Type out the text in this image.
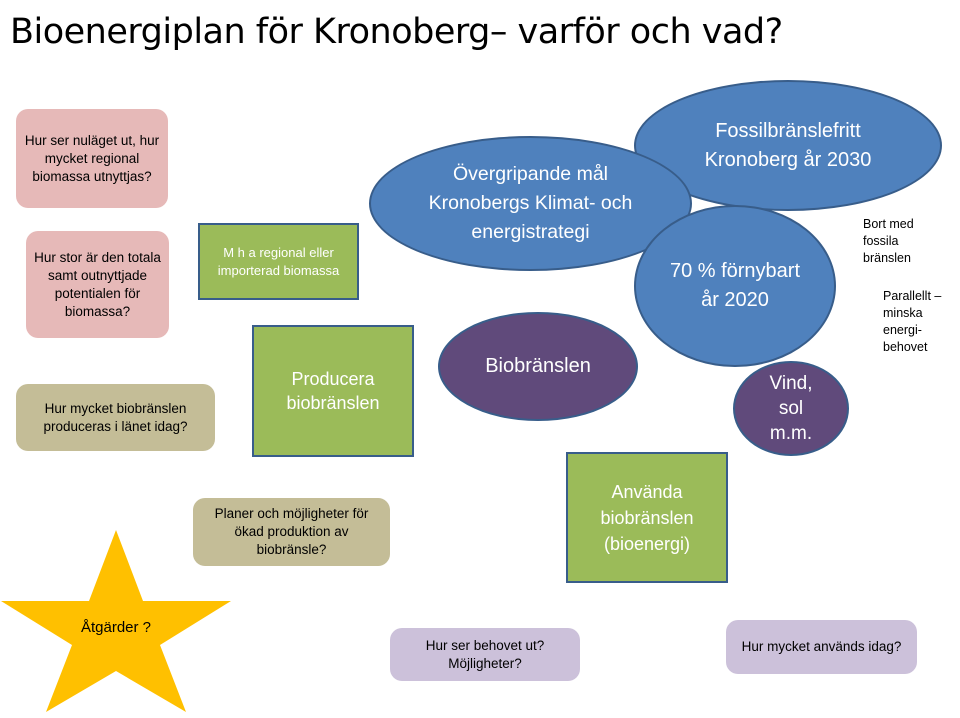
Bioenergiplan för Kronoberg– varför och vad?
Hur ser nuläget ut, hur mycket regional biomassa utnyttjas?
Hur stor är den totala samt outnyttjade potentialen för biomassa?
Hur mycket biobränslen produceras i länet idag?
Planer och möjligheter för ökad produktion av biobränsle?
Hur ser behovet ut? Möjligheter?
Hur mycket används idag?
M h a regional eller importerad biomassa
Producera biobränslen
Använda biobränslen (bioenergi)
Fossilbränslefritt Kronoberg år 2030
Övergripande mål Kronobergs Klimat- och energistrategi
70 % förnybart år 2020
Biobränslen
Vind, sol m.m.
Bort med fossila bränslen
Parallellt – minska energi-behovet
Åtgärder ?
